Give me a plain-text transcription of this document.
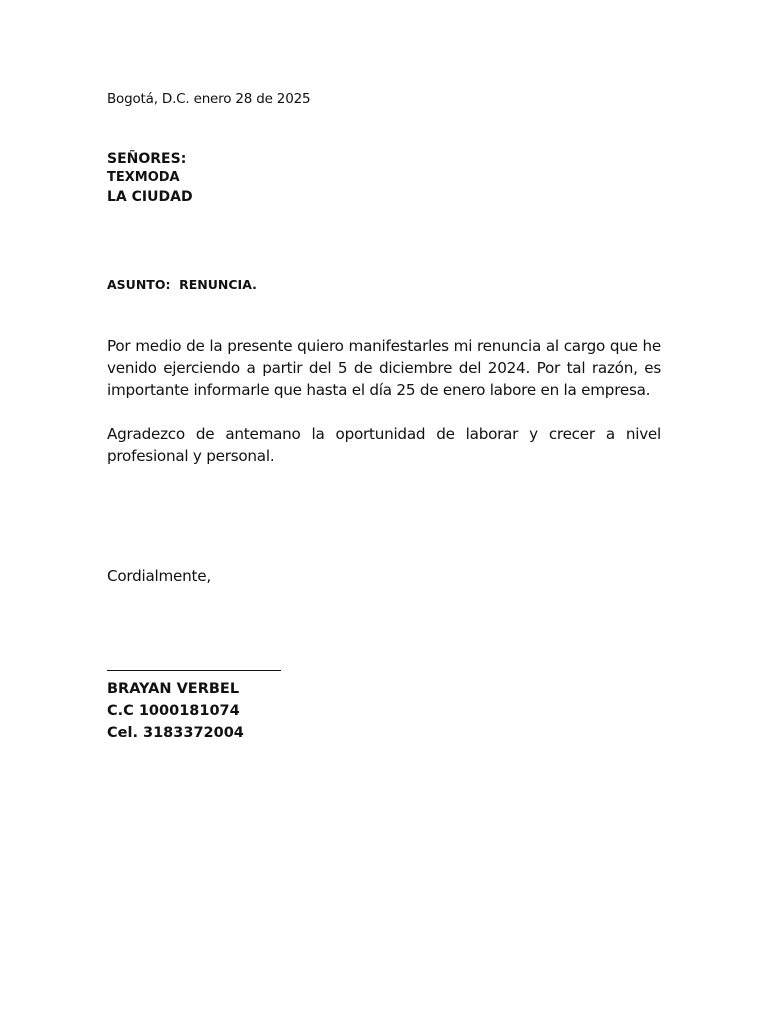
Bogotá, D.C. enero 28 de 2025
SEÑORES:
TEXMODA
LA CIUDAD
ASUNTO:  RENUNCIA.

Por medio de la presente quiero manifestarles mi renuncia al cargo que he venido ejerciendo a partir del 5 de diciembre del 2024. Por tal razón, es importante informarle que hasta el día 25 de enero labore en la empresa.

Agradezco de antemano la oportunidad de laborar y crecer a nivel profesional y personal.

Cordialmente,
BRAYAN VERBEL
C.C 1000181074
Cel. 3183372004
